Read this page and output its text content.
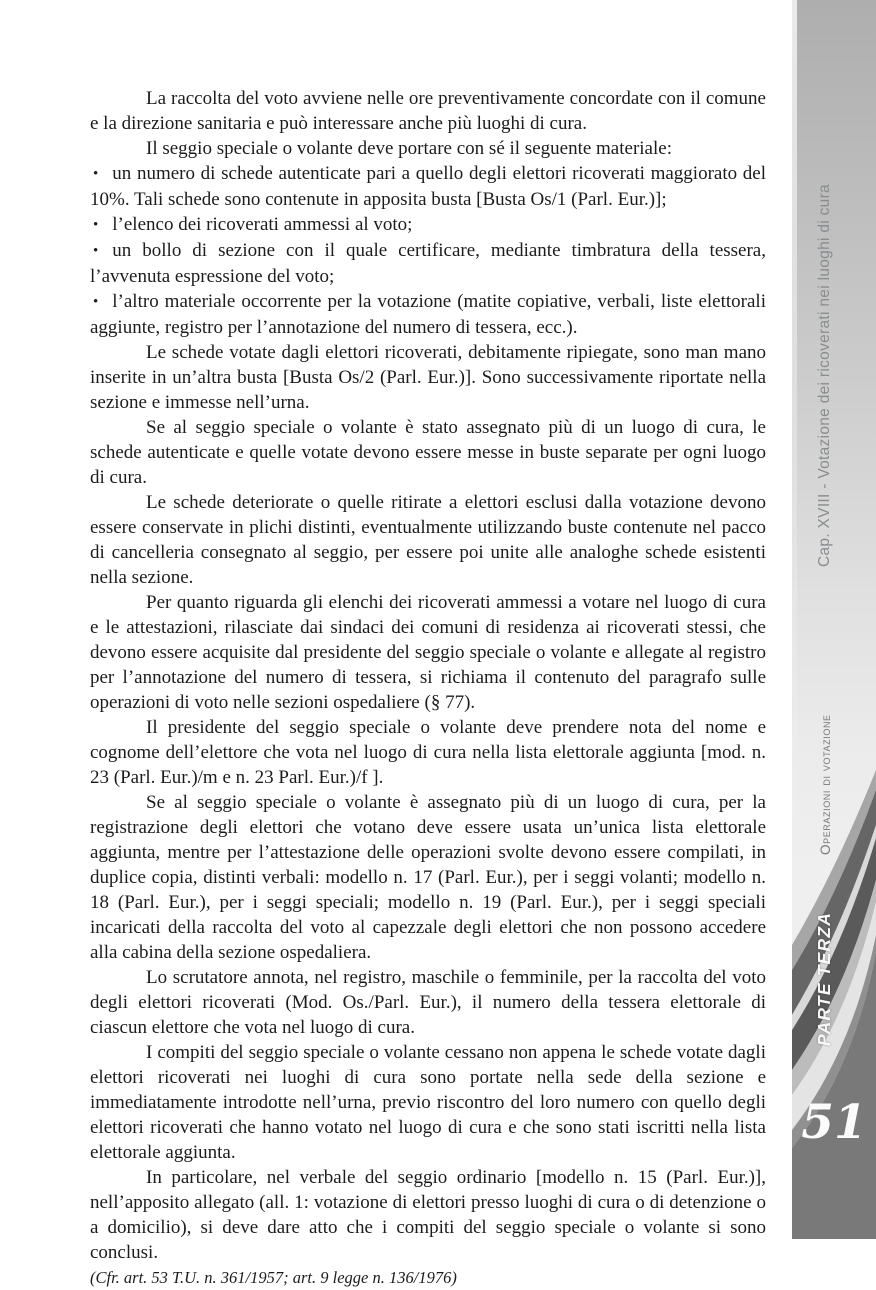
La raccolta del voto avviene nelle ore preventivamente concordate con il comune e la direzione sanitaria e può interessare anche più luoghi di cura.

Il seggio speciale o volante deve portare con sé il seguente materiale:

• un numero di schede autenticate pari a quello degli elettori ricoverati maggiorato del 10%. Tali schede sono contenute in apposita busta [Busta Os/1 (Parl. Eur.)];

• l’elenco dei ricoverati ammessi al voto;

• un bollo di sezione con il quale certificare, mediante timbratura della tessera, l’avvenuta espressione del voto;

• l’altro materiale occorrente per la votazione (matite copiative, verbali, liste elettorali aggiunte, registro per l’annotazione del numero di tessera, ecc.).

Le schede votate dagli elettori ricoverati, debitamente ripiegate, sono man mano inserite in un’altra busta [Busta Os/2 (Parl. Eur.)]. Sono successivamente riportate nella sezione e immesse nell’urna.

Se al seggio speciale o volante è stato assegnato più di un luogo di cura, le schede autenticate e quelle votate devono essere messe in buste separate per ogni luogo di cura.

Le schede deteriorate o quelle ritirate a elettori esclusi dalla votazione devono essere conservate in plichi distinti, eventualmente utilizzando buste contenute nel pacco di cancelleria consegnato al seggio, per essere poi unite alle analoghe schede esistenti nella sezione.

Per quanto riguarda gli elenchi dei ricoverati ammessi a votare nel luogo di cura e le attestazioni, rilasciate dai sindaci dei comuni di residenza ai ricoverati stessi, che devono essere acquisite dal presidente del seggio speciale o volante e allegate al registro per l’annotazione del numero di tessera, si richiama il contenuto del paragrafo sulle operazioni di voto nelle sezioni ospedaliere (§ 77).

Il presidente del seggio speciale o volante deve prendere nota del nome e cognome dell’elettore che vota nel luogo di cura nella lista elettorale aggiunta [mod. n. 23 (Parl. Eur.)/m e n. 23 Parl. Eur.)/f ].

Se al seggio speciale o volante è assegnato più di un luogo di cura, per la registrazione degli elettori che votano deve essere usata un’unica lista elettorale aggiunta, mentre per l’attestazione delle operazioni svolte devono essere compilati, in duplice copia, distinti verbali: modello n. 17 (Parl. Eur.), per i seggi volanti; modello n. 18 (Parl. Eur.), per i seggi speciali; modello n. 19 (Parl. Eur.), per i seggi speciali incaricati della raccolta del voto al capezzale degli elettori che non possono accedere alla cabina della sezione ospedaliera.

Lo scrutatore annota, nel registro, maschile o femminile, per la raccolta del voto degli elettori ricoverati (Mod. Os./Parl. Eur.), il numero della tessera elettorale di ciascun elettore che vota nel luogo di cura.

I compiti del seggio speciale o volante cessano non appena le schede votate dagli elettori ricoverati nei luoghi di cura sono portate nella sede della sezione e immediatamente introdotte nell’urna, previo riscontro del loro numero con quello degli elettori ricoverati che hanno votato nel luogo di cura e che sono stati iscritti nella lista elettorale aggiunta.

In particolare, nel verbale del seggio ordinario [modello n. 15 (Parl. Eur.)], nell’apposito allegato (all. 1: votazione di elettori presso luoghi di cura o di detenzione o a domicilio), si deve dare atto che i compiti del seggio speciale o volante si sono conclusi.

(Cfr. art. 53 T.U. n. 361/1957; art. 9 legge n. 136/1976)

Cap. XVIII - Votazione dei ricoverati nei luoghi di cura
Operazioni di votazione
PARTE TERZA
51
